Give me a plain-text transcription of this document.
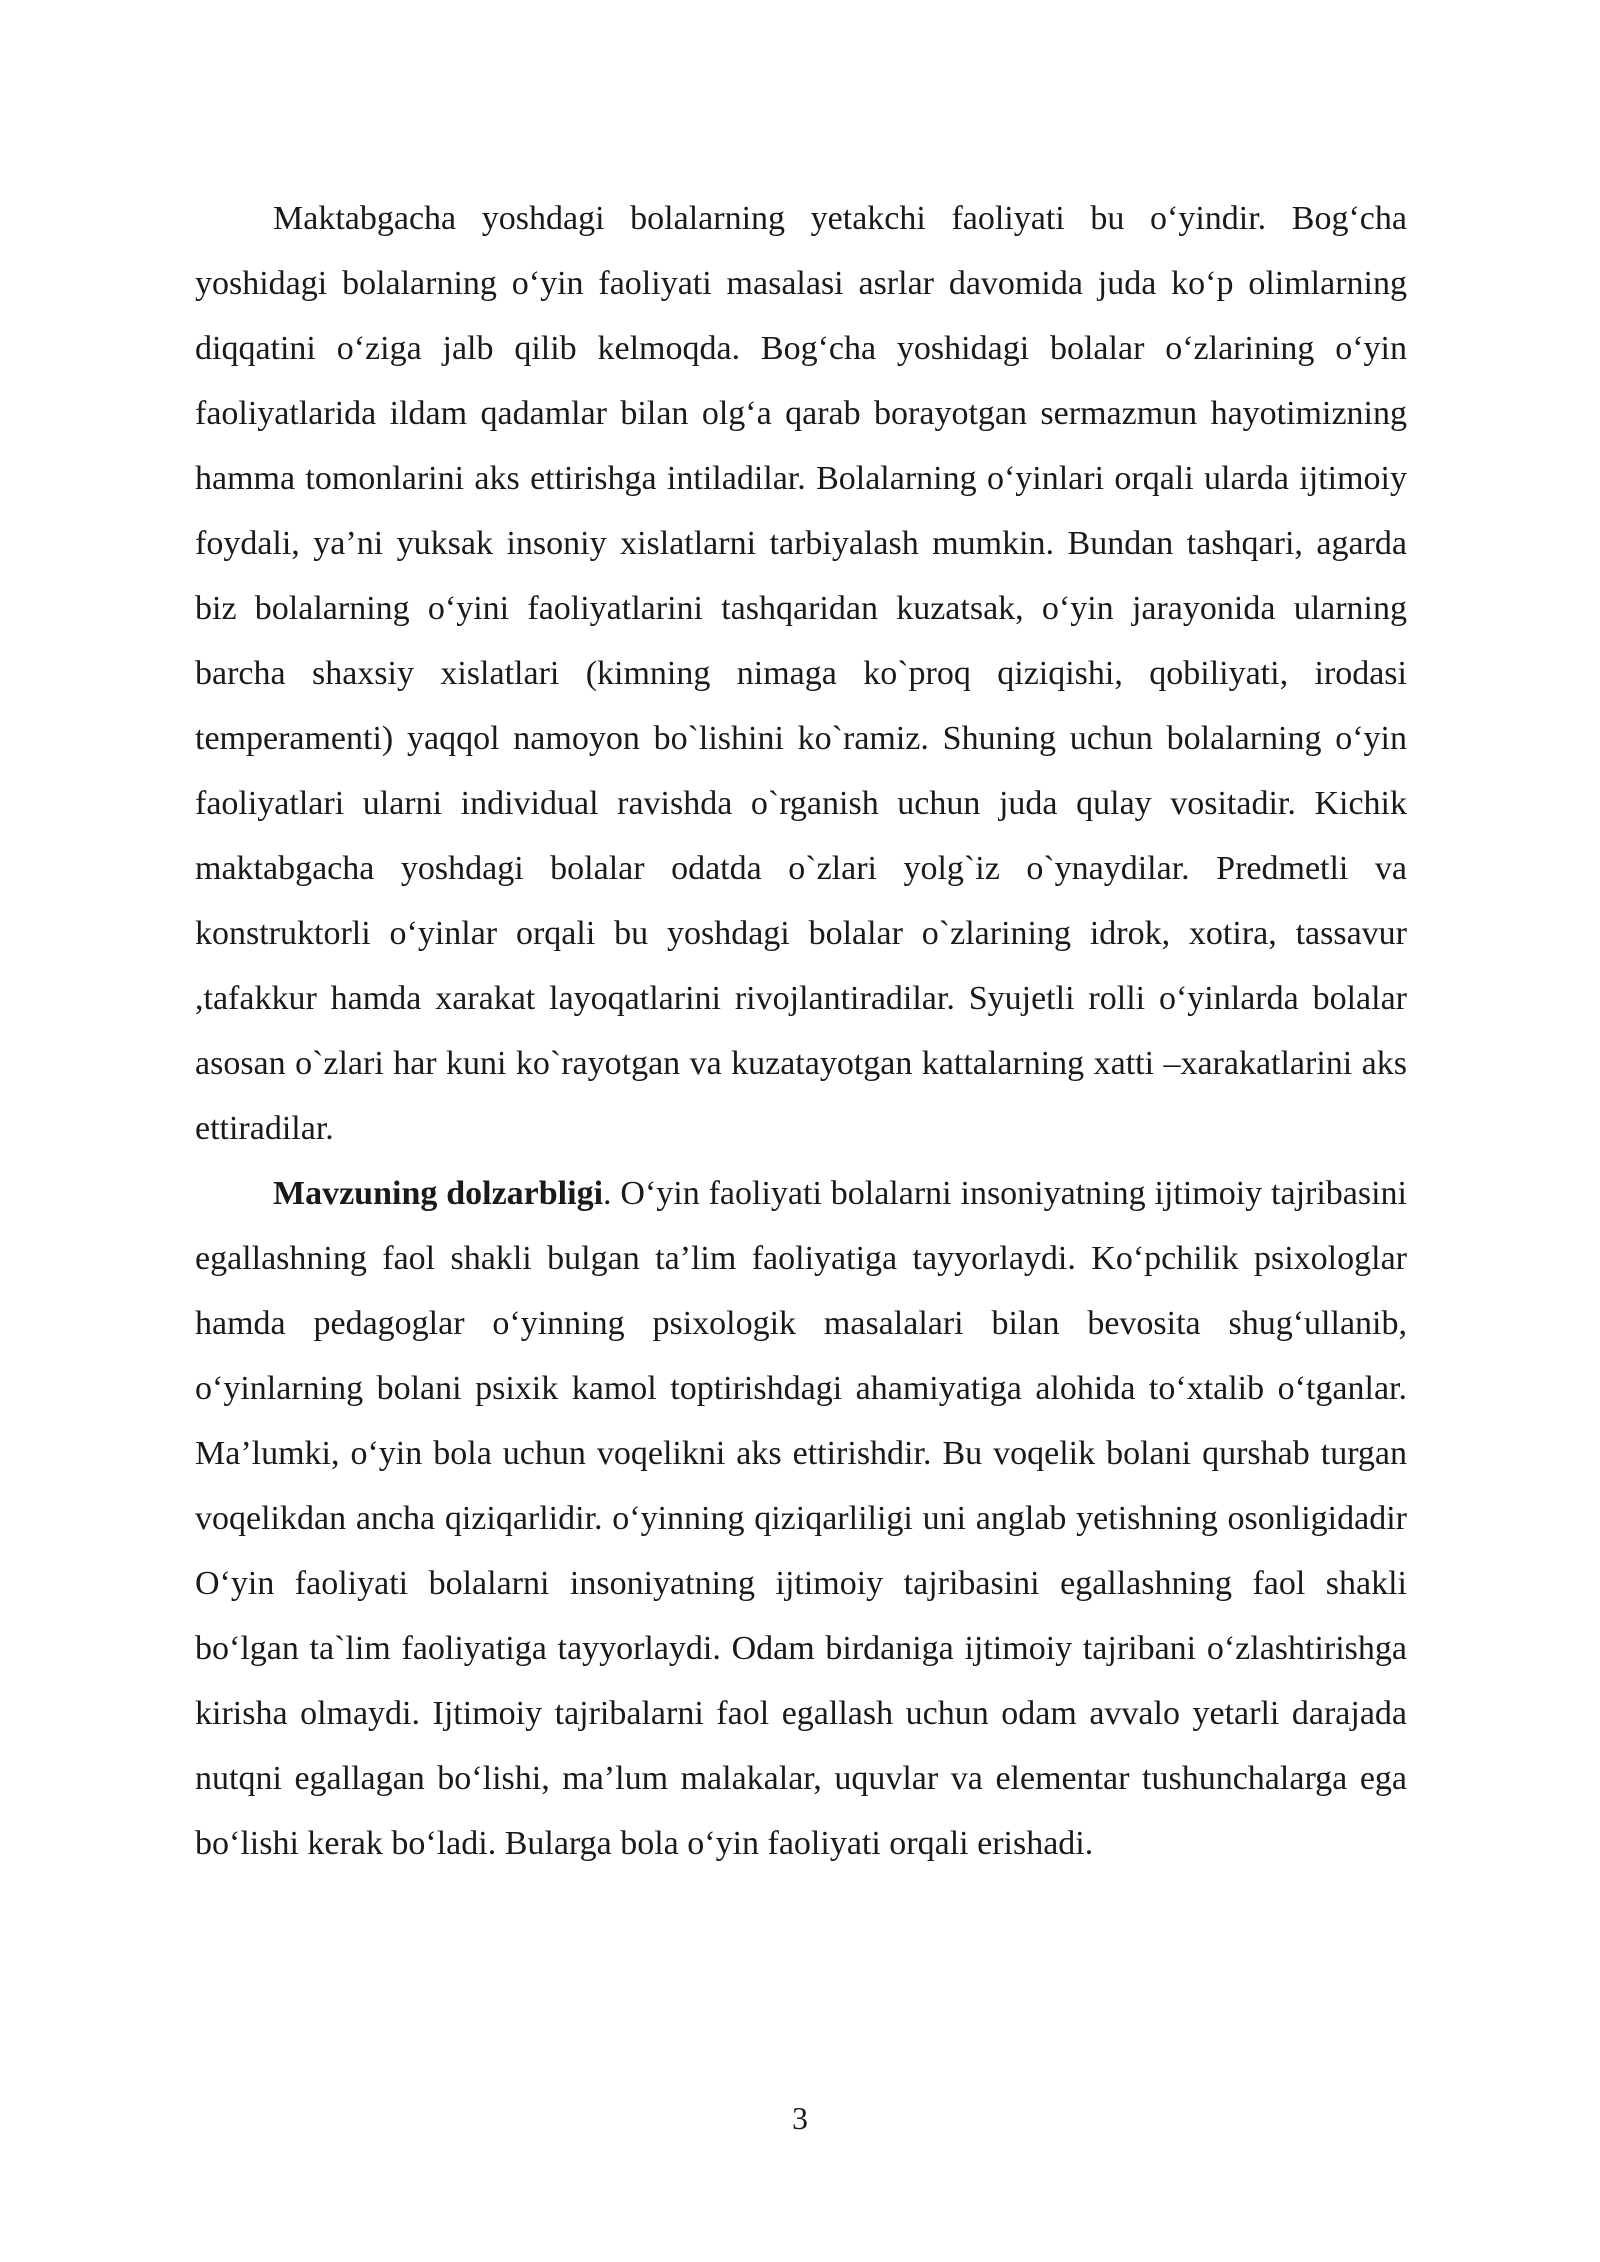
Maktabgacha yoshdagi bolalarning yetakchi faoliyati bu o‘yindir. Bog‘cha yoshidagi bolalarning o‘yin faoliyati masalasi asrlar davomida juda ko‘p olimlarning diqqatini o‘ziga jalb qilib kelmoqda. Bog‘cha yoshidagi bolalar o‘zlarining o‘yin faoliyatlarida ildam qadamlar bilan olg‘a qarab borayotgan sermazmun hayotimizning hamma tomonlarini aks ettirishga intiladilar. Bolalarning o‘yinlari orqali ularda ijtimoiy foydali, ya’ni yuksak insoniy xislatlarni tarbiyalash mumkin. Bundan tashqari, agarda biz bolalarning o‘yini faoliyatlarini tashqaridan kuzatsak, o‘yin jarayonida ularning barcha shaxsiy xislatlari (kimning nimaga ko`proq qiziqishi, qobiliyati, irodasi temperamenti) yaqqol namoyon bo`lishini ko`ramiz. Shuning uchun bolalarning o‘yin faoliyatlari ularni individual ravishda o`rganish uchun juda qulay vositadir. Kichik maktabgacha yoshdagi bolalar odatda o`zlari yolg`iz o`ynaydilar. Predmetli va konstruktorli o‘yinlar orqali bu yoshdagi bolalar o`zlarining idrok, xotira, tassavur ,tafakkur hamda xarakat layoqatlarini rivojlantiradilar. Syujetli rolli o‘yinlarda bolalar asosan o`zlari har kuni ko`rayotgan va kuzatayotgan kattalarning xatti –xarakatlarini aks ettiradilar.

Mavzuning dolzarbligi. O‘yin faoliyati bolalarni insoniyatning ijtimoiy tajribasini egallashning faol shakli bulgan ta’lim faoliyatiga tayyorlaydi. Ko‘pchilik psixologlar hamda pedagoglar o‘yinning psixologik masalalari bilan bevosita shug‘ullanib, o‘yinlarning bolani psixik kamol toptirishdagi ahamiyatiga alohida to‘xtalib o‘tganlar. Ma’lumki, o‘yin bola uchun voqelikni aks ettirishdir. Bu voqelik bolani qurshab turgan voqelikdan ancha qiziqarlidir. o‘yinning qiziqarliligi uni anglab yetishning osonligidadir O‘yin faoliyati bolalarni insoniyatning ijtimoiy tajribasini egallashning faol shakli bo‘lgan ta`lim faoliyatiga tayyorlaydi. Odam birdaniga ijtimoiy tajribani o‘zlashtirishga kirisha olmaydi. Ijtimoiy tajribalarni faol egallash uchun odam avvalo yetarli darajada nutqni egallagan bo‘lishi, ma’lum malakalar, uquvlar va elementar tushunchalarga ega bo‘lishi kerak bo‘ladi. Bularga bola o‘yin faoliyati orqali erishadi.

3
